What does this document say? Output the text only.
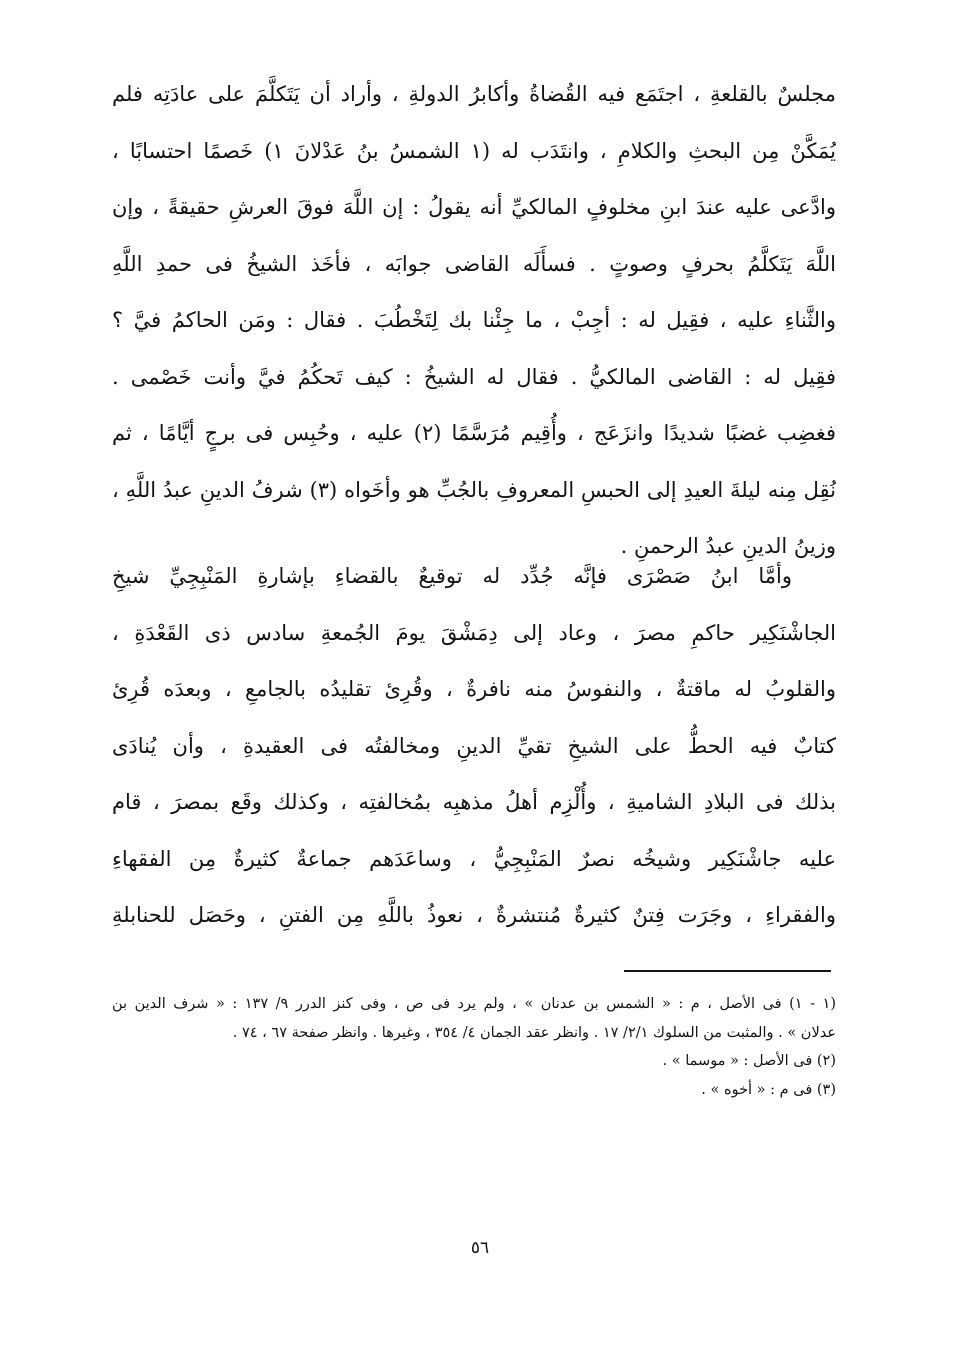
مجلسٌ بالقلعةِ ، اجتَمَع فيه القُضاةُ وأكابرُ الدولةِ ، وأراد أن يَتَكلَّمَ على عادَتِه فلم
يُمَكَّنْ مِن البحثِ والكلامِ ، وانتَدَب له (١ الشمسُ بنُ عَدْلانَ ١) خَصمًا احتسابًا ،
وادَّعى عليه عندَ ابنِ مخلوفٍ المالكيِّ أنه يقولُ : إن اللَّهَ فوقَ العرشِ حقيقةً ، وإن
اللَّهَ يَتَكلَّمُ بحرفٍ وصوتٍ . فسأَلَه القاضى جوابَه ، فأخَذ الشيخُ فى حمدِ اللَّهِ
والثَّناءِ عليه ، فقِيل له : أجِبْ ، ما جِئْنا بك لِتَخْطُبَ . فقال : ومَن الحاكمُ فيَّ ؟
فقِيل له : القاضى المالكيُّ . فقال له الشيخُ : كيف تَحكُمُ فيَّ وأنت خَصْمى .
فغضِب غضبًا شديدًا وانزَعَج ، وأُقِيم مُرَسَّمًا (٢) عليه ، وحُبِس فى برجٍ أيَّامًا ، ثم
نُقِل مِنه ليلةَ العيدِ إلى الحبسِ المعروفِ بالجُبِّ هو وأخَواه (٣) شرفُ الدينِ عبدُ اللَّهِ ،
وزينُ الدينِ عبدُ الرحمنِ .
وأمَّا ابنُ صَصْرَى فإنَّه جُدِّد له توقيعٌ بالقضاءِ بإشارةِ المَنْبِجِيِّ شيخِ
الجاشْنَكِير حاكمِ مصرَ ، وعاد إلى دِمَشْقَ يومَ الجُمعةِ سادس ذى القَعْدَةِ ،
والقلوبُ له ماقتةٌ ، والنفوسُ منه نافرةٌ ، وقُرِئ تقليدُه بالجامعِ ، وبعدَه قُرِئ
كتابٌ فيه الحطُّ على الشيخِ تقيِّ الدينِ ومخالفتُه فى العقيدةِ ، وأن يُنادَى
بذلك فى البلادِ الشاميةِ ، وأُلْزِم أهلُ مذهبِه بمُخالفتِه ، وكذلك وقَع بمصرَ ، قام
عليه جاشْنَكِير وشيخُه نصرٌ المَنْبِجِيُّ ، وساعَدَهم جماعةٌ كثيرةٌ مِن الفقهاءِ
والفقراءِ ، وجَرَت فِتنٌ كثيرةٌ مُنتشرةٌ ، نعوذُ باللَّهِ مِن الفتنِ ، وحَصَل للحنابلةِ
(١ - ١) فى الأصل ، م : « الشمس بن عدنان » ، ولم يرد فى ص ، وفى كنز الدرر ٩/ ١٣٧ : « شرف الدين بن
عدلان » . والمثبت من السلوك ٢/١/ ١٧ . وانظر عقد الجمان ٤/ ٣٥٤ ، وغيرها . وانظر صفحة ٦٧ ، ٧٤ .
(٢) فى الأصل : « موسما » .
(٣) فى م : « أخوه » .
٥٦
